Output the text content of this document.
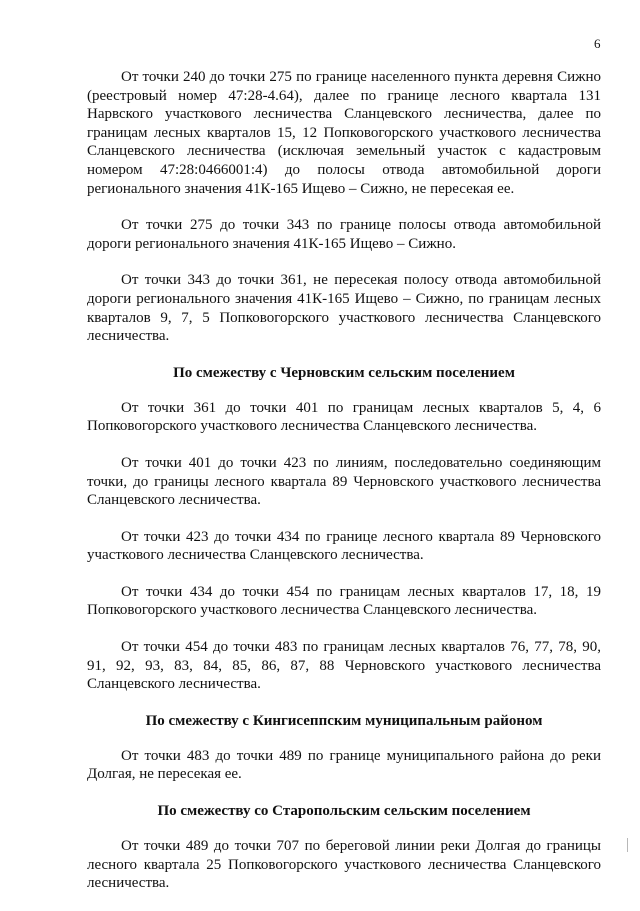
6

От точки 240 до точки 275 по границе населенного пункта деревня Сижно (реестровый номер 47:28-4.64), далее по границе лесного квартала 131 Нарвского участкового лесничества Сланцевского лесничества, далее по границам лесных кварталов 15, 12 Попковогорского участкового лесничества Сланцевского лесничества (исключая земельный участок с кадастровым номером 47:28:0466001:4) до полосы отвода автомобильной дороги регионального значения 41К-165 Ищево – Сижно, не пересекая ее.

От точки 275 до точки 343 по границе полосы отвода автомобильной дороги регионального значения 41К-165 Ищево – Сижно.

От точки 343 до точки 361, не пересекая полосу отвода автомобильной дороги регионального значения 41К-165 Ищево – Сижно, по границам лесных кварталов 9, 7, 5 Попковогорского участкового лесничества Сланцевского лесничества.

По смежеству с Черновским сельским поселением

От точки 361 до точки 401 по границам лесных кварталов 5, 4, 6 Попковогорского участкового лесничества Сланцевского лесничества.

От точки 401 до точки 423 по линиям, последовательно соединяющим точки, до границы лесного квартала 89 Черновского участкового лесничества Сланцевского лесничества.

От точки 423 до точки 434 по границе лесного квартала 89 Черновского участкового лесничества Сланцевского лесничества.

От точки 434 до точки 454 по границам лесных кварталов 17, 18, 19 Попковогорского участкового лесничества Сланцевского лесничества.

От точки 454 до точки 483 по границам лесных кварталов 76, 77, 78, 90, 91, 92, 93, 83, 84, 85, 86, 87, 88 Черновского участкового лесничества Сланцевского лесничества.

По смежеству с Кингисеппским муниципальным районом

От точки 483 до точки 489 по границе муниципального района до реки Долгая, не пересекая ее.

По смежеству со Старопольским сельским поселением

От точки 489 до точки 707 по береговой линии реки Долгая до границы лесного квартала 25 Попковогорского участкового лесничества Сланцевского лесничества.
